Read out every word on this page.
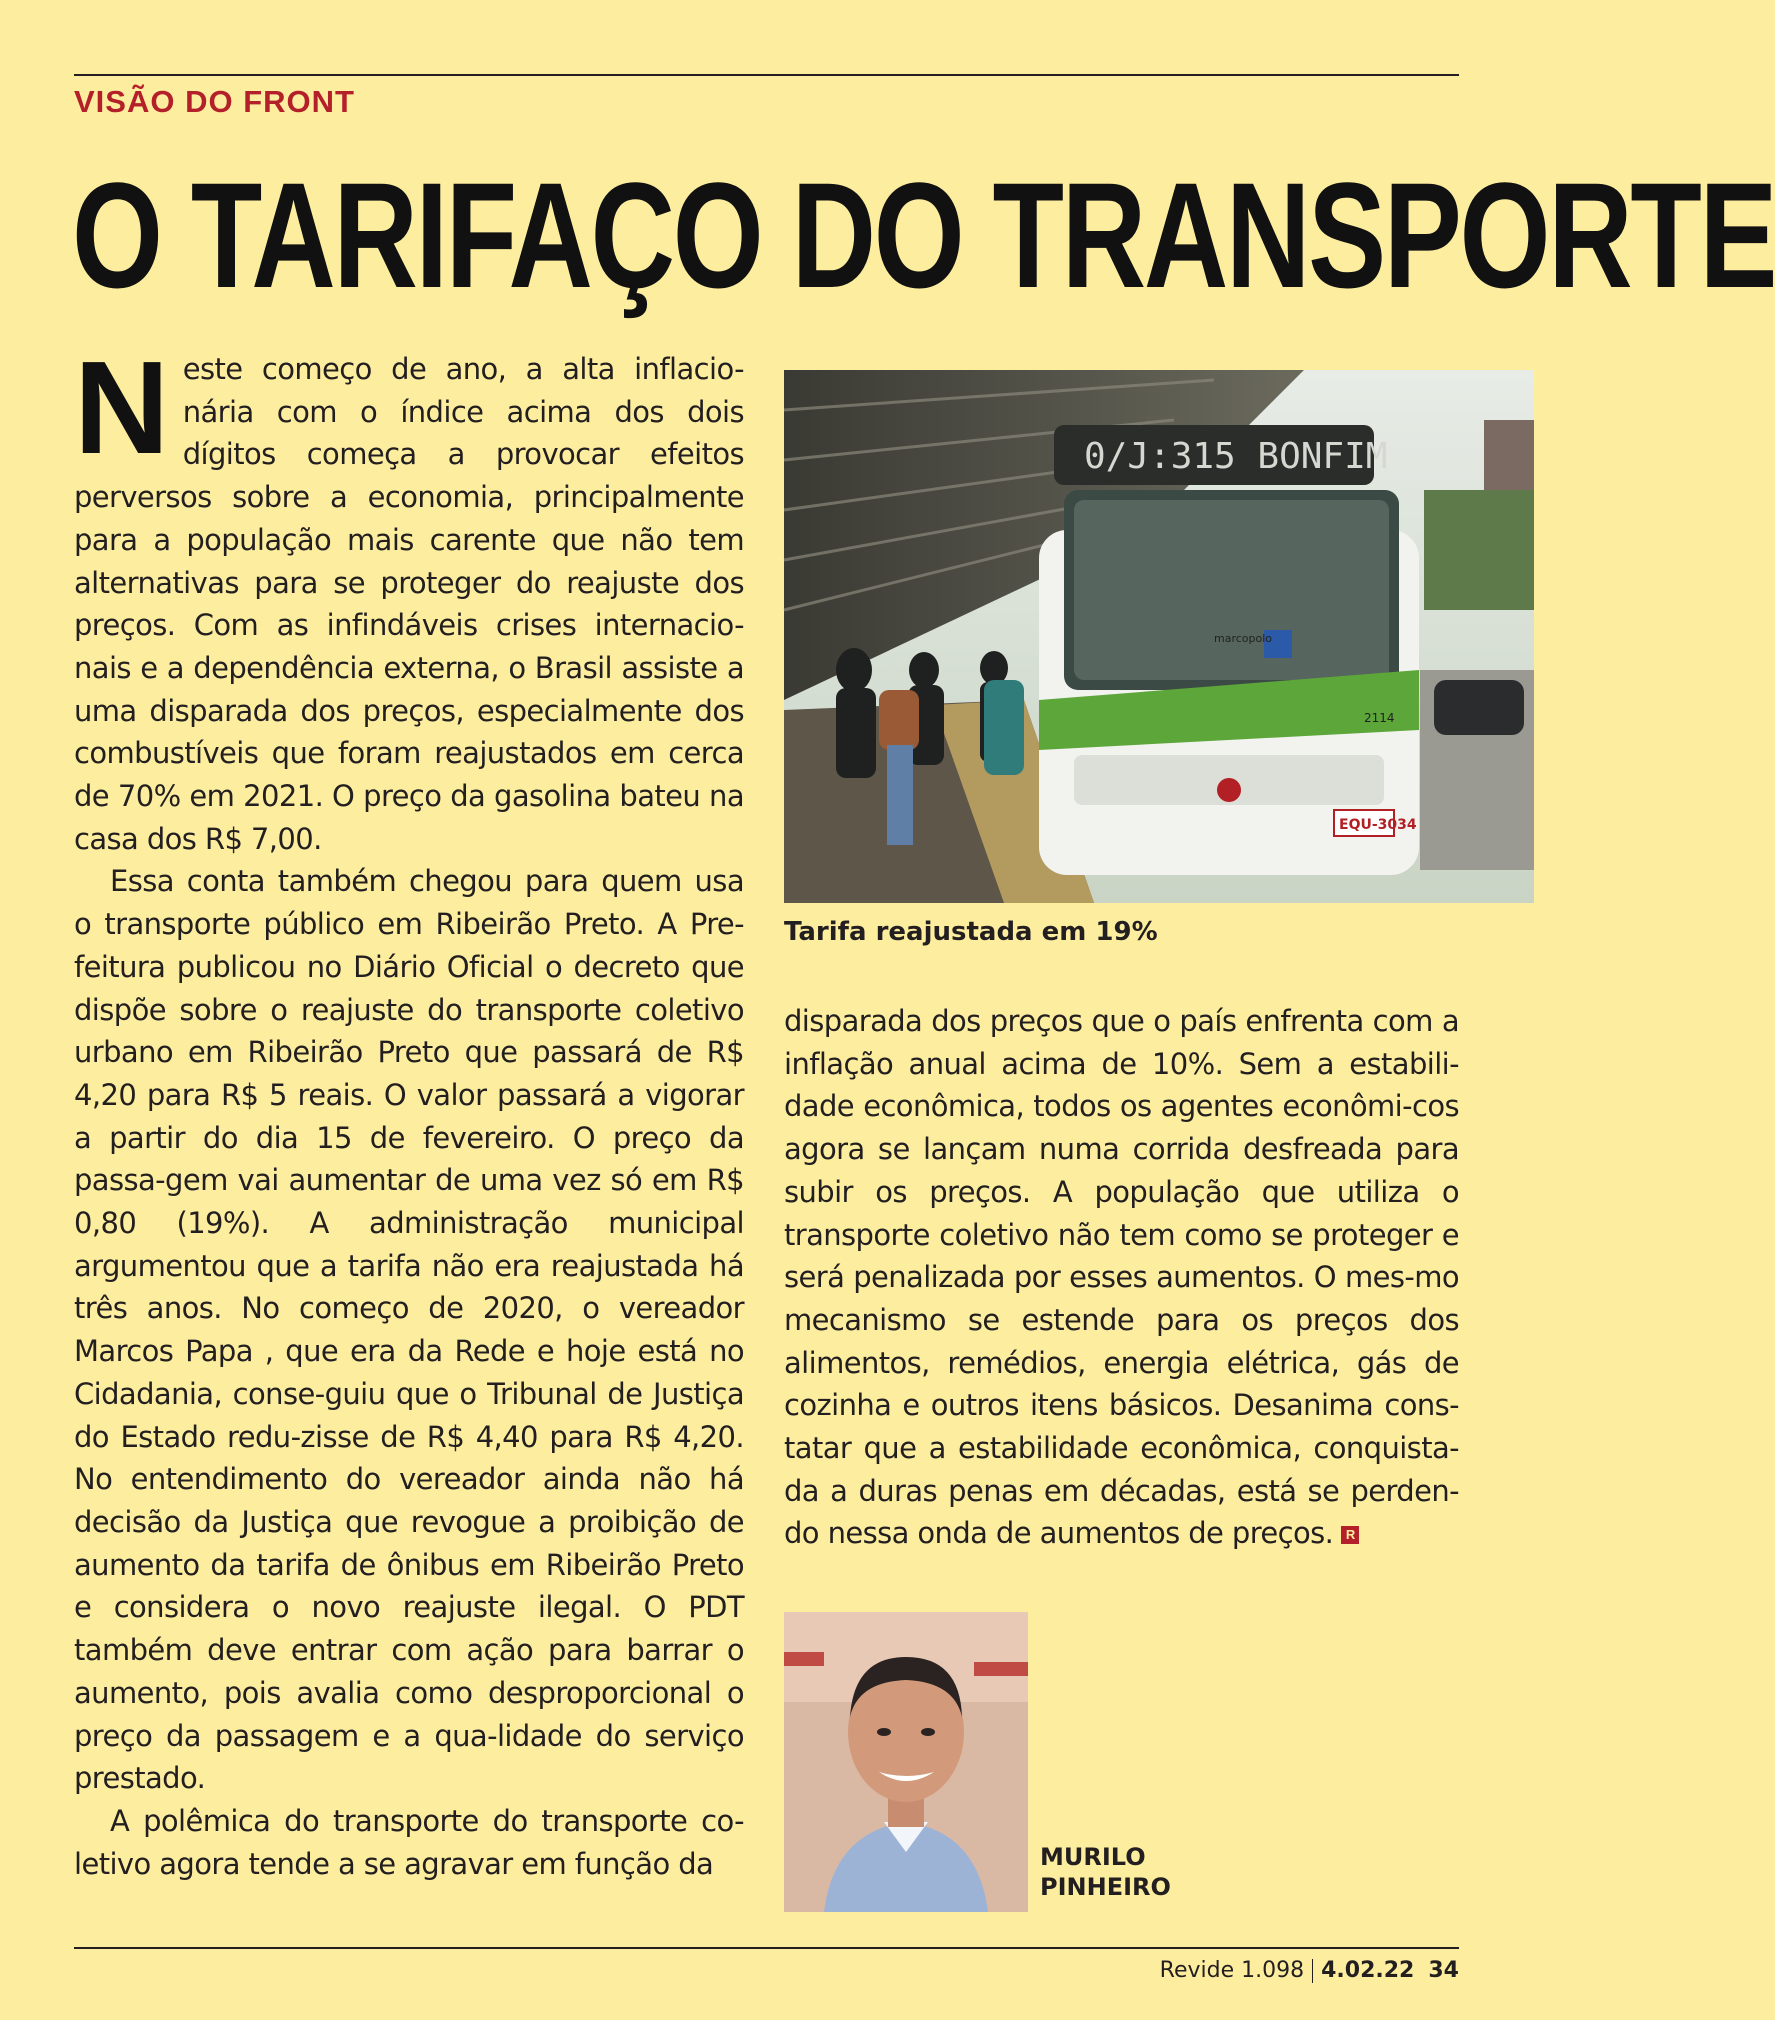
VISÃO DO FRONT
O TARIFAÇO DO TRANSPORTE

Neste começo de ano, a alta inflacio-nária com o índice acima dos dois dígitos começa a provocar efeitos perversos sobre a economia, principalmente para a população mais carente que não tem alternativas para se proteger do reajuste dos preços. Com as infindáveis crises internacio-nais e a dependência externa, o Brasil assiste a uma disparada dos preços, especialmente dos combustíveis que foram reajustados em cerca de 70% em 2021. O preço da gasolina bateu na casa dos R$ 7,00.

Essa conta também chegou para quem usa o transporte público em Ribeirão Preto. A Pre-feitura publicou no Diário Oficial o decreto que dispõe sobre o reajuste do transporte coletivo urbano em Ribeirão Preto que passará de R$ 4,20 para R$ 5 reais. O valor passará a vigorar a partir do dia 15 de fevereiro. O preço da passa-gem vai aumentar de uma vez só em R$ 0,80 (19%). A administração municipal argumentou que a tarifa não era reajustada há três anos. No começo de 2020, o vereador Marcos Papa , que era da Rede e hoje está no Cidadania, conse-guiu que o Tribunal de Justiça do Estado redu-zisse de R$ 4,40 para R$ 4,20. No entendimento do vereador ainda não há decisão da Justiça que revogue a proibição de aumento da tarifa de ônibus em Ribeirão Preto e considera o novo reajuste ilegal. O PDT também deve entrar com ação para barrar o aumento, pois avalia como desproporcional o preço da passagem e a qua-lidade do serviço prestado.

A polêmica do transporte do transporte co-letivo agora tende a se agravar em função da

0/J:315 BONFIM
EQU-3034
marcopolo
2114
Tarifa reajustada em 19%

disparada dos preços que o país enfrenta com a inflação anual acima de 10%. Sem a estabili-dade econômica, todos os agentes econômi-cos agora se lançam numa corrida desfreada para subir os preços. A população que utiliza o transporte coletivo não tem como se proteger e será penalizada por esses aumentos. O mes-mo mecanismo se estende para os preços dos alimentos, remédios, energia elétrica, gás de cozinha e outros itens básicos. Desanima cons-tatar que a estabilidade econômica, conquista-da a duras penas em décadas, está se perden-do nessa onda de aumentos de preços. R

MURILO
PINHEIRO
Revide 1.098 4.02.22 34
